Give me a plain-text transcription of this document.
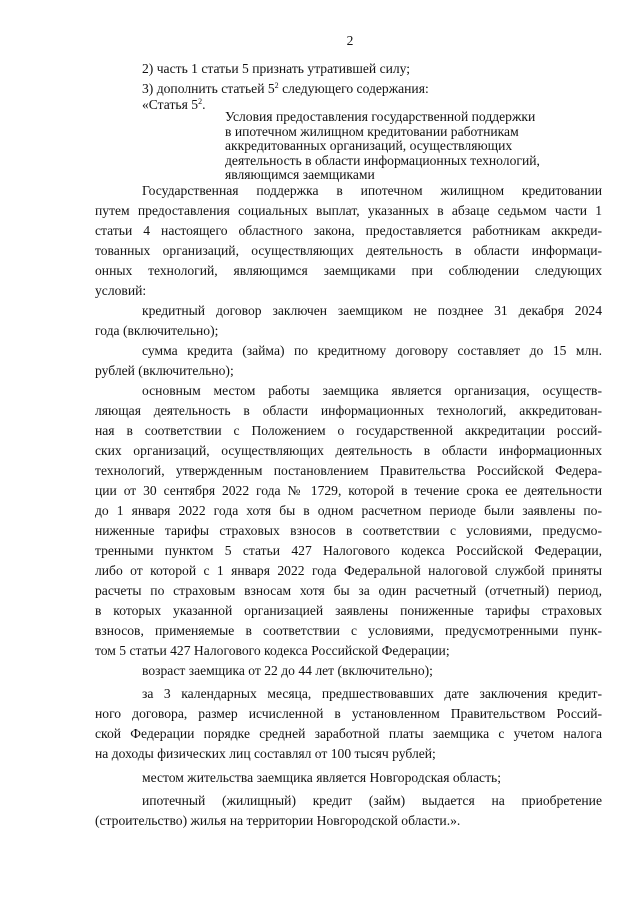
2
2) часть 1 статьи 5 признать утратившей силу;
3) дополнить статьей $5^2$ следующего содержания:
«Статья $5^2$.
Условия предоставления государственной поддержки
в ипотечном жилищном кредитовании работникам
аккредитованных организаций, осуществляющих
деятельность в области информационных технологий,
являющимся заемщиками
Государственная поддержка в ипотечном жилищном кредитовании
путем предоставления социальных выплат, указанных в абзаце седьмом части 1
статьи 4 настоящего областного закона, предоставляется работникам аккреди-
тованных организаций, осуществляющих деятельность в области информаци-
онных технологий, являющимся заемщиками при соблюдении следующих
условий:
кредитный договор заключен заемщиком не позднее 31 декабря 2024
года (включительно);
сумма кредита (займа) по кредитному договору составляет до 15 млн.
рублей (включительно);
основным местом работы заемщика является организация, осуществ-
ляющая деятельность в области информационных технологий, аккредитован-
ная в соответствии с Положением о государственной аккредитации россий-
ских организаций, осуществляющих деятельность в области информационных
технологий, утвержденным постановлением Правительства Российской Федера-
ции от 30 сентября 2022 года № 1729, которой в течение срока ее деятельности
до 1 января 2022 года хотя бы в одном расчетном периоде были заявлены по-
ниженные тарифы страховых взносов в соответствии с условиями, предусмо-
тренными пунктом 5 статьи 427 Налогового кодекса Российской Федерации,
либо от которой с 1 января 2022 года Федеральной налоговой службой приняты
расчеты по страховым взносам хотя бы за один расчетный (отчетный) период,
в которых указанной организацией заявлены пониженные тарифы страховых
взносов, применяемые в соответствии с условиями, предусмотренными пунк-
том 5 статьи 427 Налогового кодекса Российской Федерации;
возраст заемщика от 22 до 44 лет (включительно);
за 3 календарных месяца, предшествовавших дате заключения кредит-
ного договора, размер исчисленной в установленном Правительством Россий-
ской Федерации порядке средней заработной платы заемщика с учетом налога
на доходы физических лиц составлял от 100 тысяч рублей;
местом жительства заемщика является Новгородская область;
ипотечный (жилищный) кредит (займ) выдается на приобретение
(строительство) жилья на территории Новгородской области.».
